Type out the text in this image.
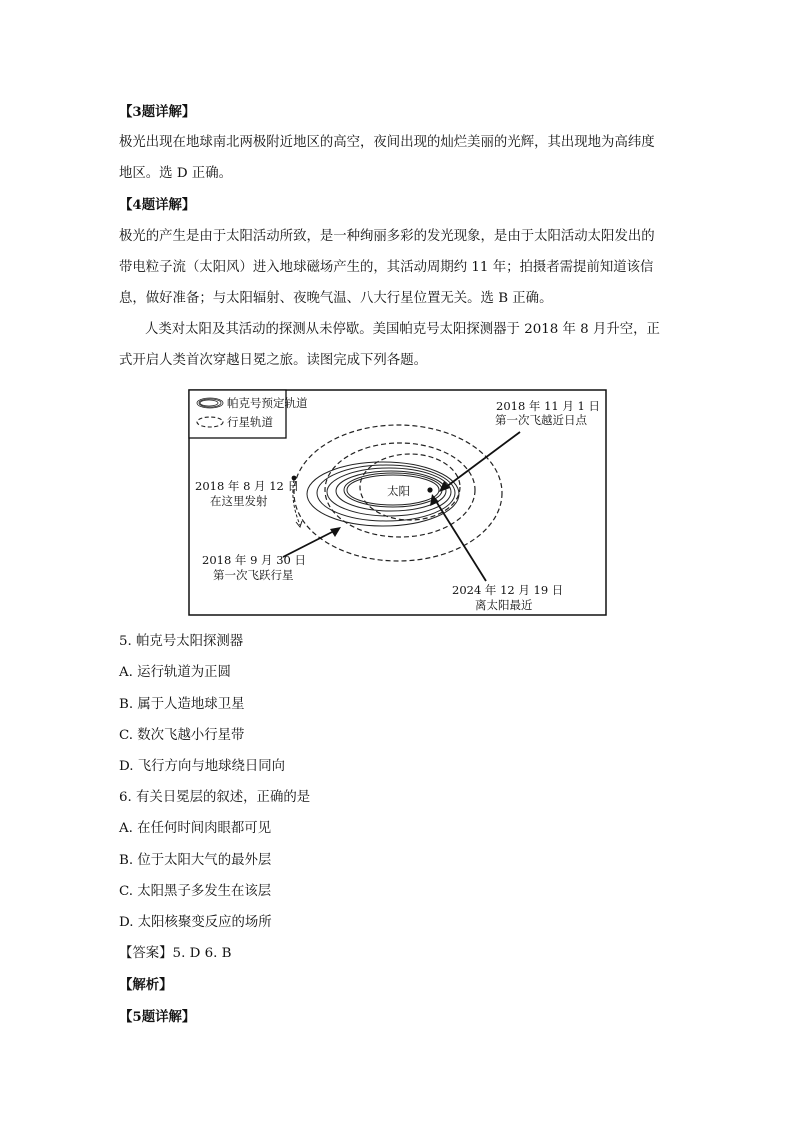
【3题详解】
极光出现在地球南北两极附近地区的高空，夜间出现的灿烂美丽的光辉，其出现地为高纬度
地区。选 D 正确。
【4题详解】
极光的产生是由于太阳活动所致，是一种绚丽多彩的发光现象，是由于太阳活动太阳发出的
带电粒子流（太阳风）进入地球磁场产生的，其活动周期约 11 年；拍摄者需提前知道该信
息，做好准备；与太阳辐射、夜晚气温、八大行星位置无关。选 B 正确。
人类对太阳及其活动的探测从未停歇。美国帕克号太阳探测器于 2018 年 8 月升空，正
式开启人类首次穿越日冕之旅。读图完成下列各题。
帕克号预定轨道
行星轨道
太阳
2018 年 8 月 12 日
在这里发射
2018 年 9 月 30 日
第一次飞跃行星
2018 年 11 月 1 日
第一次飞越近日点
2024 年 12 月 19 日
离太阳最近
5. 帕克号太阳探测器
A. 运行轨道为正圆
B. 属于人造地球卫星
C. 数次飞越小行星带
D. 飞行方向与地球绕日同向
6. 有关日冕层的叙述，正确的是
A. 在任何时间肉眼都可见
B. 位于太阳大气的最外层
C. 太阳黑子多发生在该层
D. 太阳核聚变反应的场所
【答案】5. D 6. B
【解析】
【5题详解】
